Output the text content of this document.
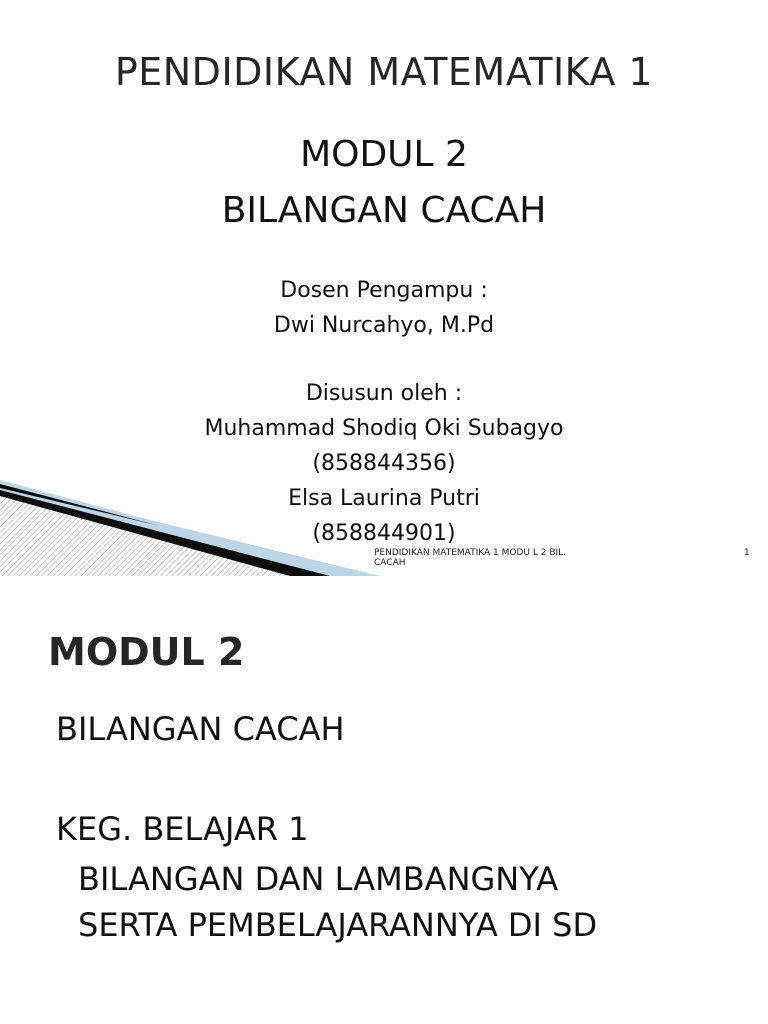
PENDIDIKAN MATEMATIKA 1
MODUL 2
BILANGAN CACAH
Dosen Pengampu :
Dwi Nurcahyo, M.Pd
Disusun oleh :
Muhammad Shodiq Oki Subagyo
(858844356)
Elsa Laurina Putri
(858844901)
PENDIDIKAN MATEMATIKA 1 MODU L 2 BIL. CACAH
1
MODUL 2
BILANGAN CACAH
KEG. BELAJAR 1
BILANGAN DAN LAMBANGNYA
SERTA PEMBELAJARANNYA DI SD
